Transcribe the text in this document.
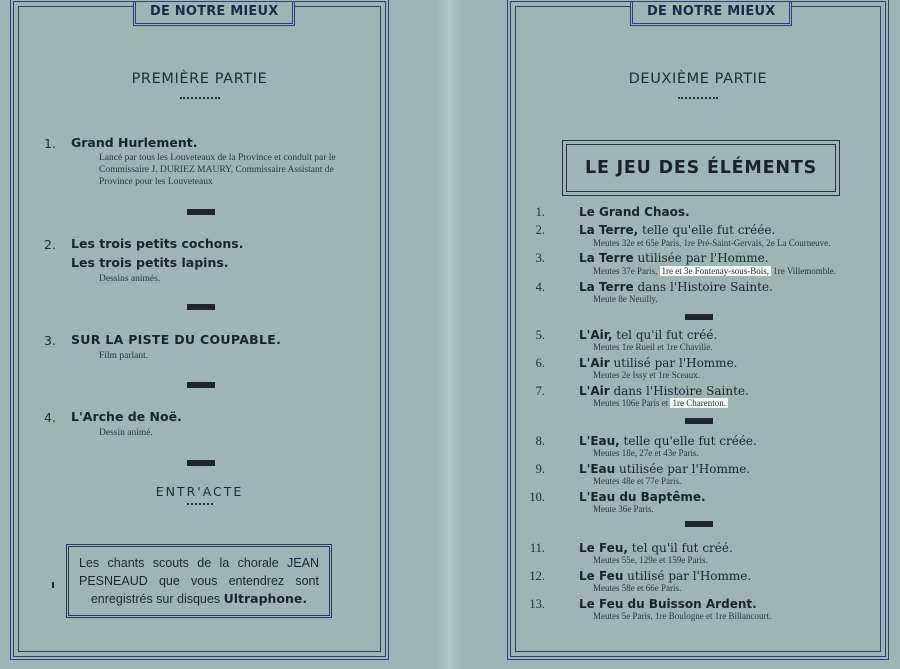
DE NOTRE MIEUX
PREMIÈRE PARTIE
1. Grand Hurlement.
Lancé par tous les Louveteaux de la Province et conduit par le Commissaire J. DURIEZ MAURY, Commissaire Assistant de Province pour les Louveteaux
2. Les trois petits cochons.
Les trois petits lapins.
Dessins animés.
3. SUR LA PISTE DU COUPABLE.
Film parlant.
4. L'Arche de Noë.
Dessin animé.
ENTR'ACTE
Les chants scouts de la chorale JEAN PESNEAUD que vous entendrez sont enregistrés sur disques Ultraphone.
DE NOTRE MIEUX
DEUXIÈME PARTIE
LE JEU DES ÉLÉMENTS
1.	Le Grand Chaos.
2.	La Terre, telle qu'elle fut créée.
Meutes 32e et 65e Paris, 1re Pré-Saint-Gervais, 2e La Courneuve.
3.	La Terre utilisée par l'Homme.
Meutes 37e Paris, 1re et 3e Fontenay-sous-Bois, 1re Villemomble.
4.	La Terre dans l'Histoire Sainte.
Meute 8e Neuilly.
5.	L'Air, tel qu'il fut créé.
Meutes 1re Rueil et 1re Chaville.
6.	L'Air utilisé par l'Homme.
Meutes 2e Issy et 1re Sceaux.
7.	L'Air dans l'Histoire Sainte.
Meutes 106e Paris et 1re Charenton.
8.	L'Eau, telle qu'elle fut créée.
Meutes 18e, 27e et 43e Paris.
9.	L'Eau utilisée par l'Homme.
Meutes 48e et 77e Paris.
10.	L'Eau du Baptême.
Meute 36e Paris.
11.	Le Feu, tel qu'il fut créé.
Meutes 55e, 129e et 159e Paris.
12.	Le Feu utilisé par l'Homme.
Meutes 58e et 66e Paris.
13.	Le Feu du Buisson Ardent.
Meutes 5e Paris, 1re Boulogne et 1re Billancourt.
